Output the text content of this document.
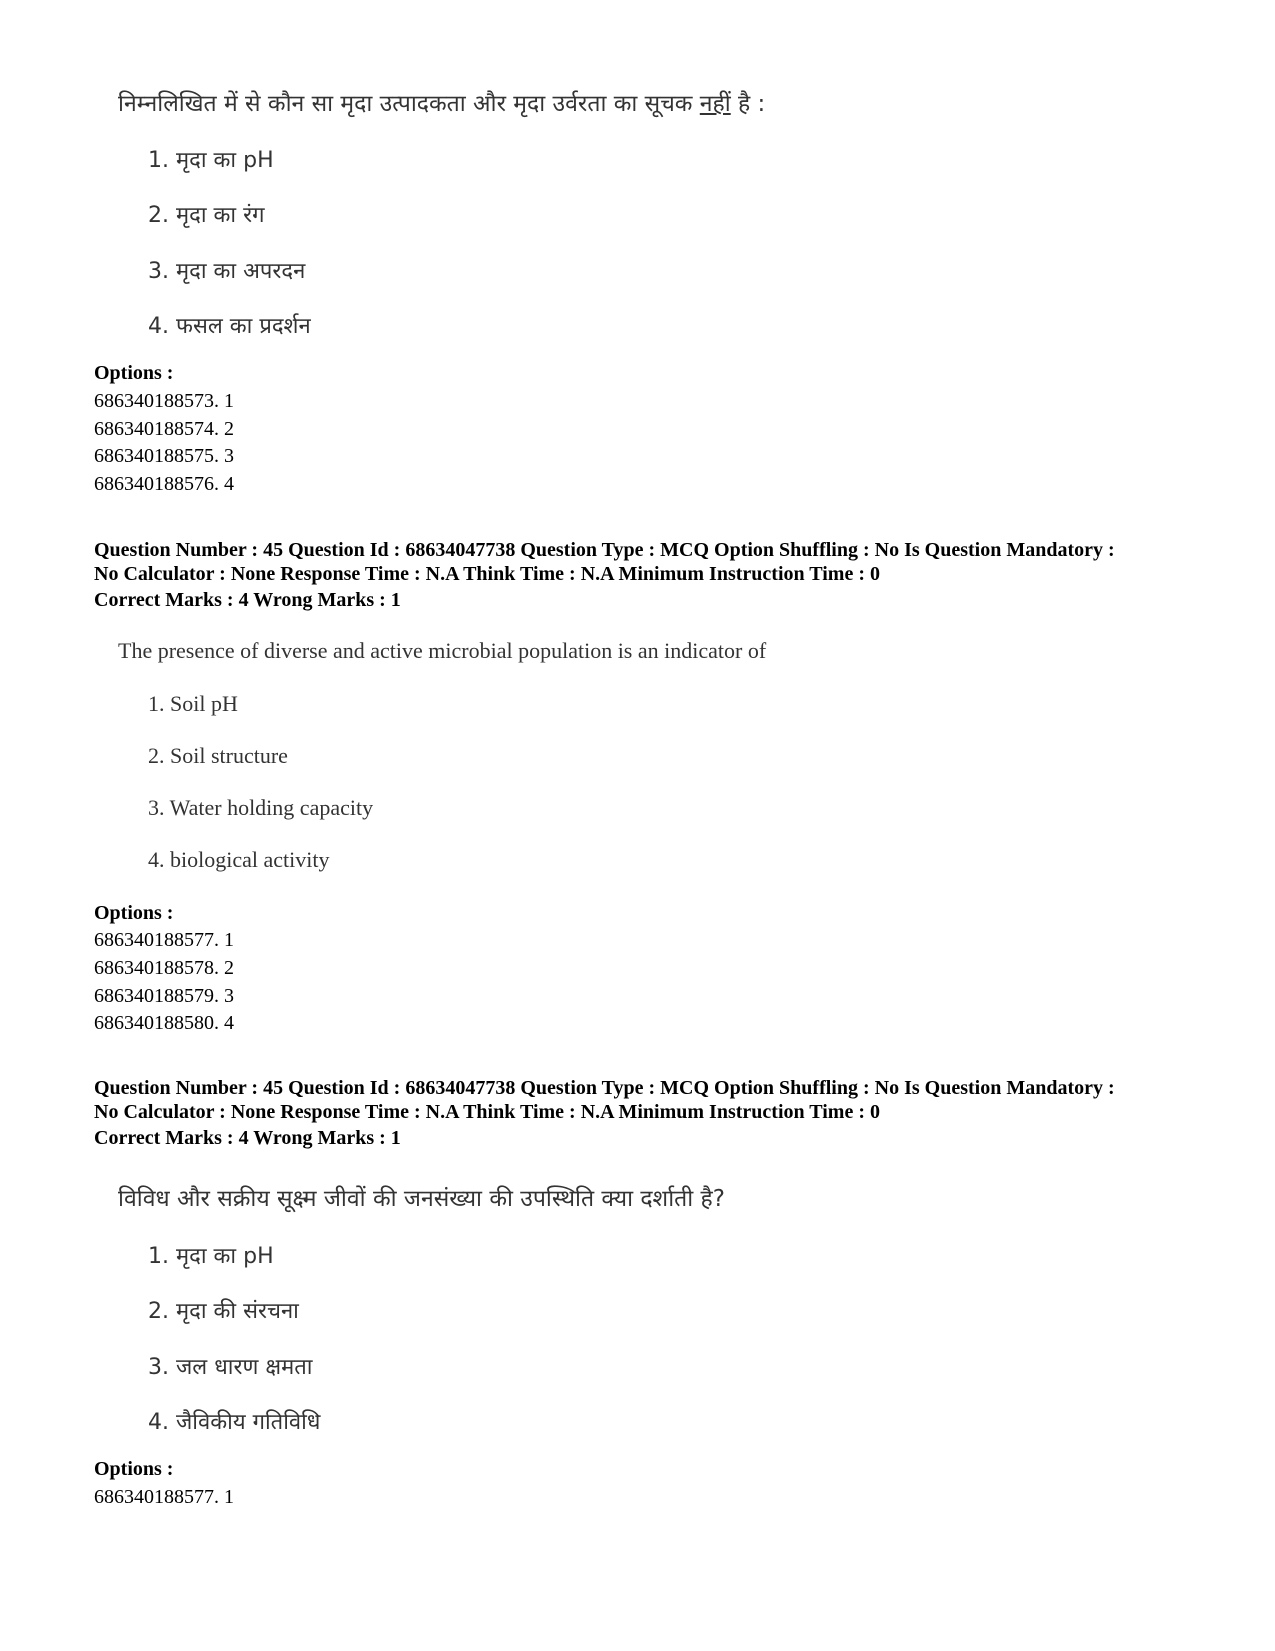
निम्नलिखित में से कौन सा मृदा उत्पादकता और मृदा उर्वरता का सूचक नहीं है :
1. मृदा का pH
2. मृदा का रंग
3. मृदा का अपरदन
4. फसल का प्रदर्शन
Options :
686340188573. 1
686340188574. 2
686340188575. 3
686340188576. 4
Question Number : 45 Question Id : 68634047738 Question Type : MCQ Option Shuffling : No Is Question Mandatory :
No Calculator : None Response Time : N.A Think Time : N.A Minimum Instruction Time : 0
Correct Marks : 4 Wrong Marks : 1
The presence of diverse and active microbial population is an indicator of
1. Soil pH
2. Soil structure
3. Water holding capacity
4. biological activity
Options :
686340188577. 1
686340188578. 2
686340188579. 3
686340188580. 4
Question Number : 45 Question Id : 68634047738 Question Type : MCQ Option Shuffling : No Is Question Mandatory :
No Calculator : None Response Time : N.A Think Time : N.A Minimum Instruction Time : 0
Correct Marks : 4 Wrong Marks : 1
विविध और सक्रीय सूक्ष्म जीवों की जनसंख्या की उपस्थिति क्या दर्शाती है?
1. मृदा का pH
2. मृदा की संरचना
3. जल धारण क्षमता
4. जैविकीय गतिविधि
Options :
686340188577. 1
